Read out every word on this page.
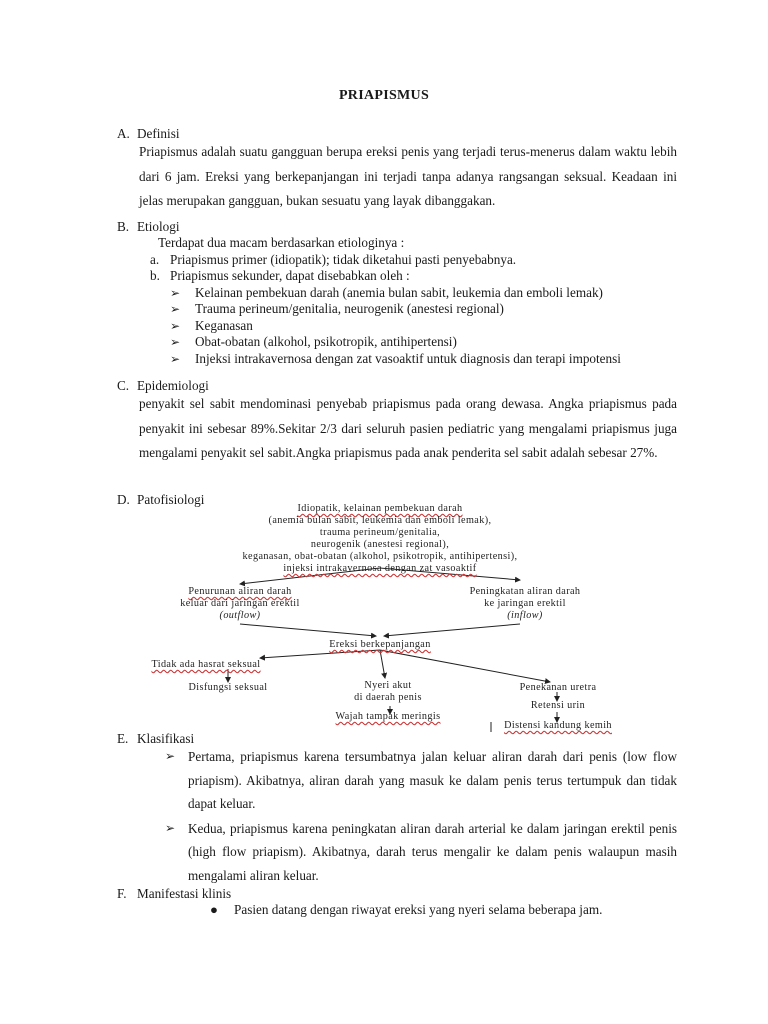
PRIAPISMUS
A. Definisi
Priapismus adalah suatu gangguan berupa ereksi penis yang terjadi terus-menerus dalam waktu lebih dari 6 jam. Ereksi yang berkepanjangan ini terjadi tanpa adanya rangsangan seksual. Keadaan ini jelas merupakan gangguan, bukan sesuatu yang layak dibanggakan.
B. Etiologi
Terdapat dua macam berdasarkan etiologinya :
a. Priapismus primer (idiopatik); tidak diketahui pasti penyebabnya.
b. Priapismus sekunder, dapat disebabkan oleh :
➢	Kelainan pembekuan darah (anemia bulan sabit, leukemia dan emboli lemak)
➢	Trauma perineum/genitalia, neurogenik (anestesi regional)
➢	Keganasan
➢	Obat-obatan (alkohol, psikotropik, antihipertensi)
➢	Injeksi intrakavernosa dengan zat vasoaktif untuk diagnosis dan terapi impotensi
C. Epidemiologi
penyakit sel sabit mendominasi penyebab priapismus pada orang dewasa. Angka priapismus pada penyakit ini sebesar 89%.Sekitar 2/3 dari seluruh pasien pediatric yang mengalami priapismus juga mengalami penyakit sel sabit.Angka priapismus pada anak penderita sel sabit adalah sebesar 27%.
D. Patofisiologi
Idiopatik, kelainan pembekuan darah
(anemia bulan sabit, leukemia dan emboli lemak),
trauma perineum/genitalia,
neurogenik (anestesi regional),
keganasan, obat-obatan (alkohol, psikotropik, antihipertensi),
injeksi intrakavernosa dengan zat vasoaktif
Penurunan aliran darah
keluar dari jaringan erektil
(outflow)
Peningkatan aliran darah
ke jaringan erektil
(inflow)
Ereksi berkepanjangan
Tidak ada hasrat seksual
Disfungsi seksual	Nyeri akut
di daerah penis
Wajah tampak meringis
Penekanan uretra
Retensi urin
Distensi kandung kemih
E. Klasifikasi
➢ Pertama, priapismus karena tersumbatnya jalan keluar aliran darah dari penis (low flow priapism). Akibatnya, aliran darah yang masuk ke dalam penis terus tertumpuk dan tidak dapat keluar.
➢ Kedua, priapismus karena peningkatan aliran darah arterial ke dalam jaringan erektil penis (high flow priapism). Akibatnya, darah terus mengalir ke dalam penis walaupun masih mengalami aliran keluar.
F. Manifestasi klinis
●	Pasien datang dengan riwayat ereksi yang nyeri selama beberapa jam.
